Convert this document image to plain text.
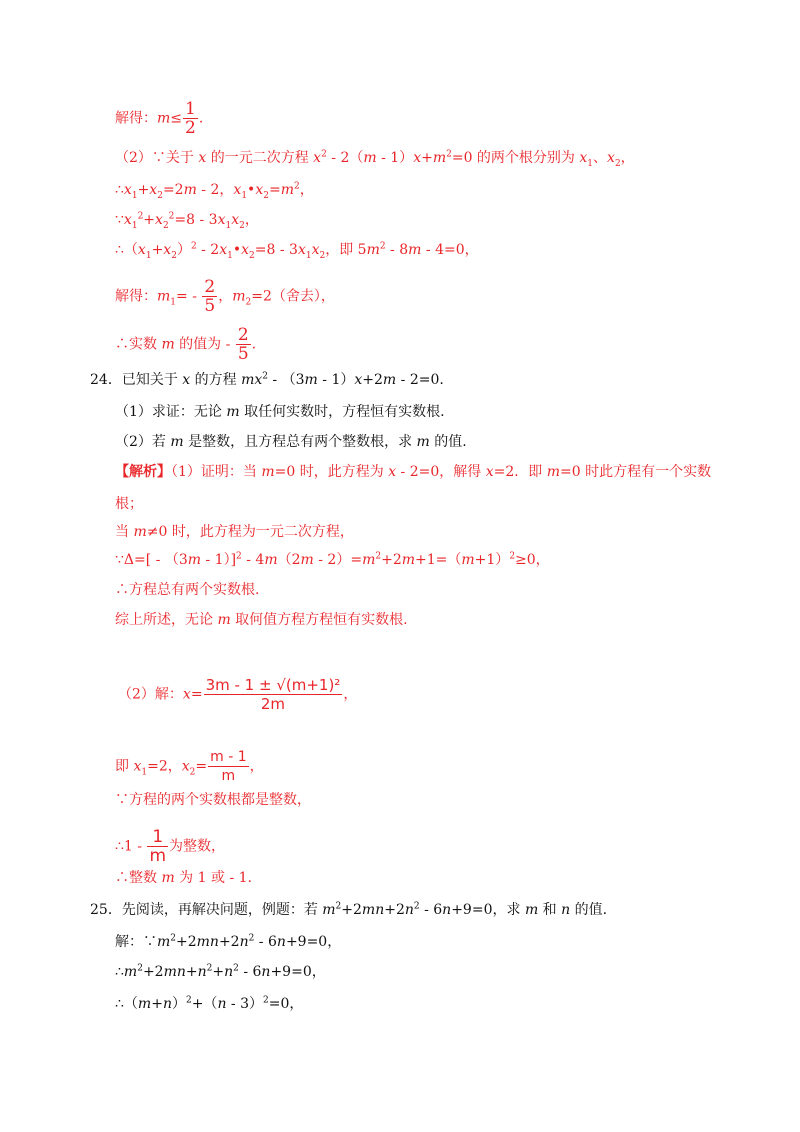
解得：$m\le \frac{1}{2}$ .
（2）∵关于 x 的一元二次方程 $x^2 - 2(m - 1)x+m^2=0$ 的两个根分别为 $x_1$、$x_2$，
$\therefore x_1+x_2=2m - 2$，$x_1•x_2=m^2$，
$\because x_1^2+x_2^2=8 - 3x_1x_2$，
$\therefore(x_1+x_2)^2$ - $2x_1•x_2=8 - 3x_1x_2$，即 $5m^2 - 8m - 4=0$，
解得：$m_1= - \frac{2}{5}$ ，$m_2=2$（舍去），
∴实数 m 的值为 - $\frac{2}{5}$ .
24．已知关于 x 的方程 $mx^2 - (3m - 1)x+2m - 2=0$.
（1）求证：无论 m 取任何实数时，方程恒有实数根.
（2）若 m 是整数，且方程总有两个整数根，求 m 的值.
【解析】（1）证明：当 m=0 时，此方程为 x - 2=0，解得 x=2．即 m=0 时此方程有一个实数
根；
当 m≠0 时，此方程为一元二次方程，
∵Δ=[ - $(3m - 1)]^2 - 4m(2m - 2)=m^2+2m+1=(m+1)^2\ge 0$，
∴方程总有两个实数根.
综上所述，无论 m 取何值方程方程恒有实数根.
（2）解：$x= \frac{\text{3m - 1 ± √(m+1)²}}{2m}$ ，
即 $x_1=2$，$x_2= \frac{m - 1}{m}$ ，
∵方程的两个实数根都是整数，
∴1 - $\frac{1}{m}$ 为整数，
∴整数 m 为 1 或 - 1.
25．先阅读，再解决问题，例题：若 $m^2+2mn+2n^2 - 6n+9=0$，求 m 和 n 的值.
解：$\because m^2+2mn+2n^2 - 6n+9=0$，
$\therefore m^2+2mn+n^2+n^2 - 6n+9=0$，
$\therefore(m+n)^2+(n - 3)^2=0$，
